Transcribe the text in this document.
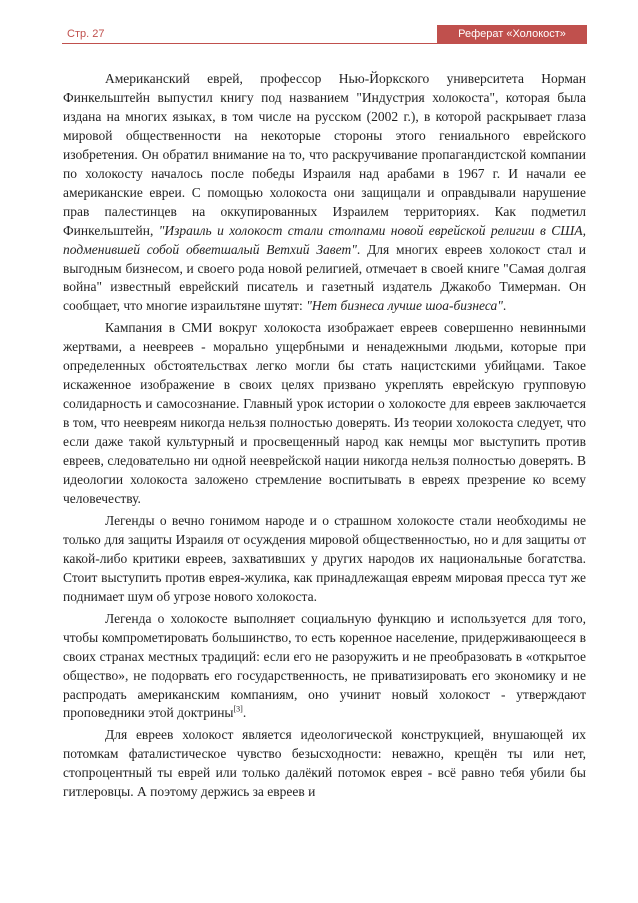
Стр. 27	Реферат «Холокост»

Американский еврей, профессор Нью-Йоркского университета Норман Финкельштейн выпустил книгу под названием "Индустрия холокоста", которая была издана на многих языках, в том числе на русском (2002 г.), в которой раскрывает глаза мировой общественности на некоторые стороны этого гениального еврейского изобретения. Он обратил внимание на то, что раскручивание пропагандистской компании по холокосту началось после победы Израиля над арабами в 1967 г. И начали ее американские евреи. С помощью холокоста они защищали и оправдывали нарушение прав палестинцев на оккупированных Израилем территориях. Как подметил Финкельштейн, "Израиль и холокост стали столпами новой еврейской религии в США, подменившей собой обветшалый Ветхий Завет". Для многих евреев холокост стал и выгодным бизнесом, и своего рода новой религией, отмечает в своей книге "Самая долгая война" известный еврейский писатель и газетный издатель Джакобо Тимерман. Он сообщает, что многие израильтяне шутят: "Нет бизнеса лучше шоа-бизнеса".

Кампания в СМИ вокруг холокоста изображает евреев совершенно невинными жертвами, а неевреев - морально ущербными и ненадежными людьми, которые при определенных обстоятельствах легко могли бы стать нацистскими убийцами. Такое искаженное изображение в своих целях призвано укреплять еврейскую групповую солидарность и самосознание. Главный урок истории о холокосте для евреев заключается в том, что неевреям никогда нельзя полностью доверять. Из теории холокоста следует, что если даже такой культурный и просвещенный народ как немцы мог выступить против евреев, следовательно ни одной нееврейской нации никогда нельзя полностью доверять. В идеологии холокоста заложено стремление воспитывать в евреях презрение ко всему человечеству.

Легенды о вечно гонимом народе и о страшном холокосте стали необходимы не только для защиты Израиля от осуждения мировой общественностью, но и для защиты от какой-либо критики евреев, захвативших у других народов их национальные богатства. Стоит выступить против еврея-жулика, как принадлежащая евреям мировая пресса тут же поднимает шум об угрозе нового холокоста.

Легенда о холокосте выполняет социальную функцию и используется для того, чтобы компрометировать большинство, то есть коренное население, придерживающееся в своих странах местных традиций: если его не разоружить и не преобразовать в «открытое общество», не подорвать его государственность, не приватизировать его экономику и не распродать американским компаниям, оно учинит новый холокост - утверждают проповедники этой доктрины[3].

Для евреев холокост является идеологической конструкцией, внушающей их потомкам фаталистическое чувство безысходности: неважно, крещён ты или нет, стопроцентный ты еврей или только далёкий потомок еврея - всё равно тебя убили бы гитлеровцы. А поэтому держись за евреев и
